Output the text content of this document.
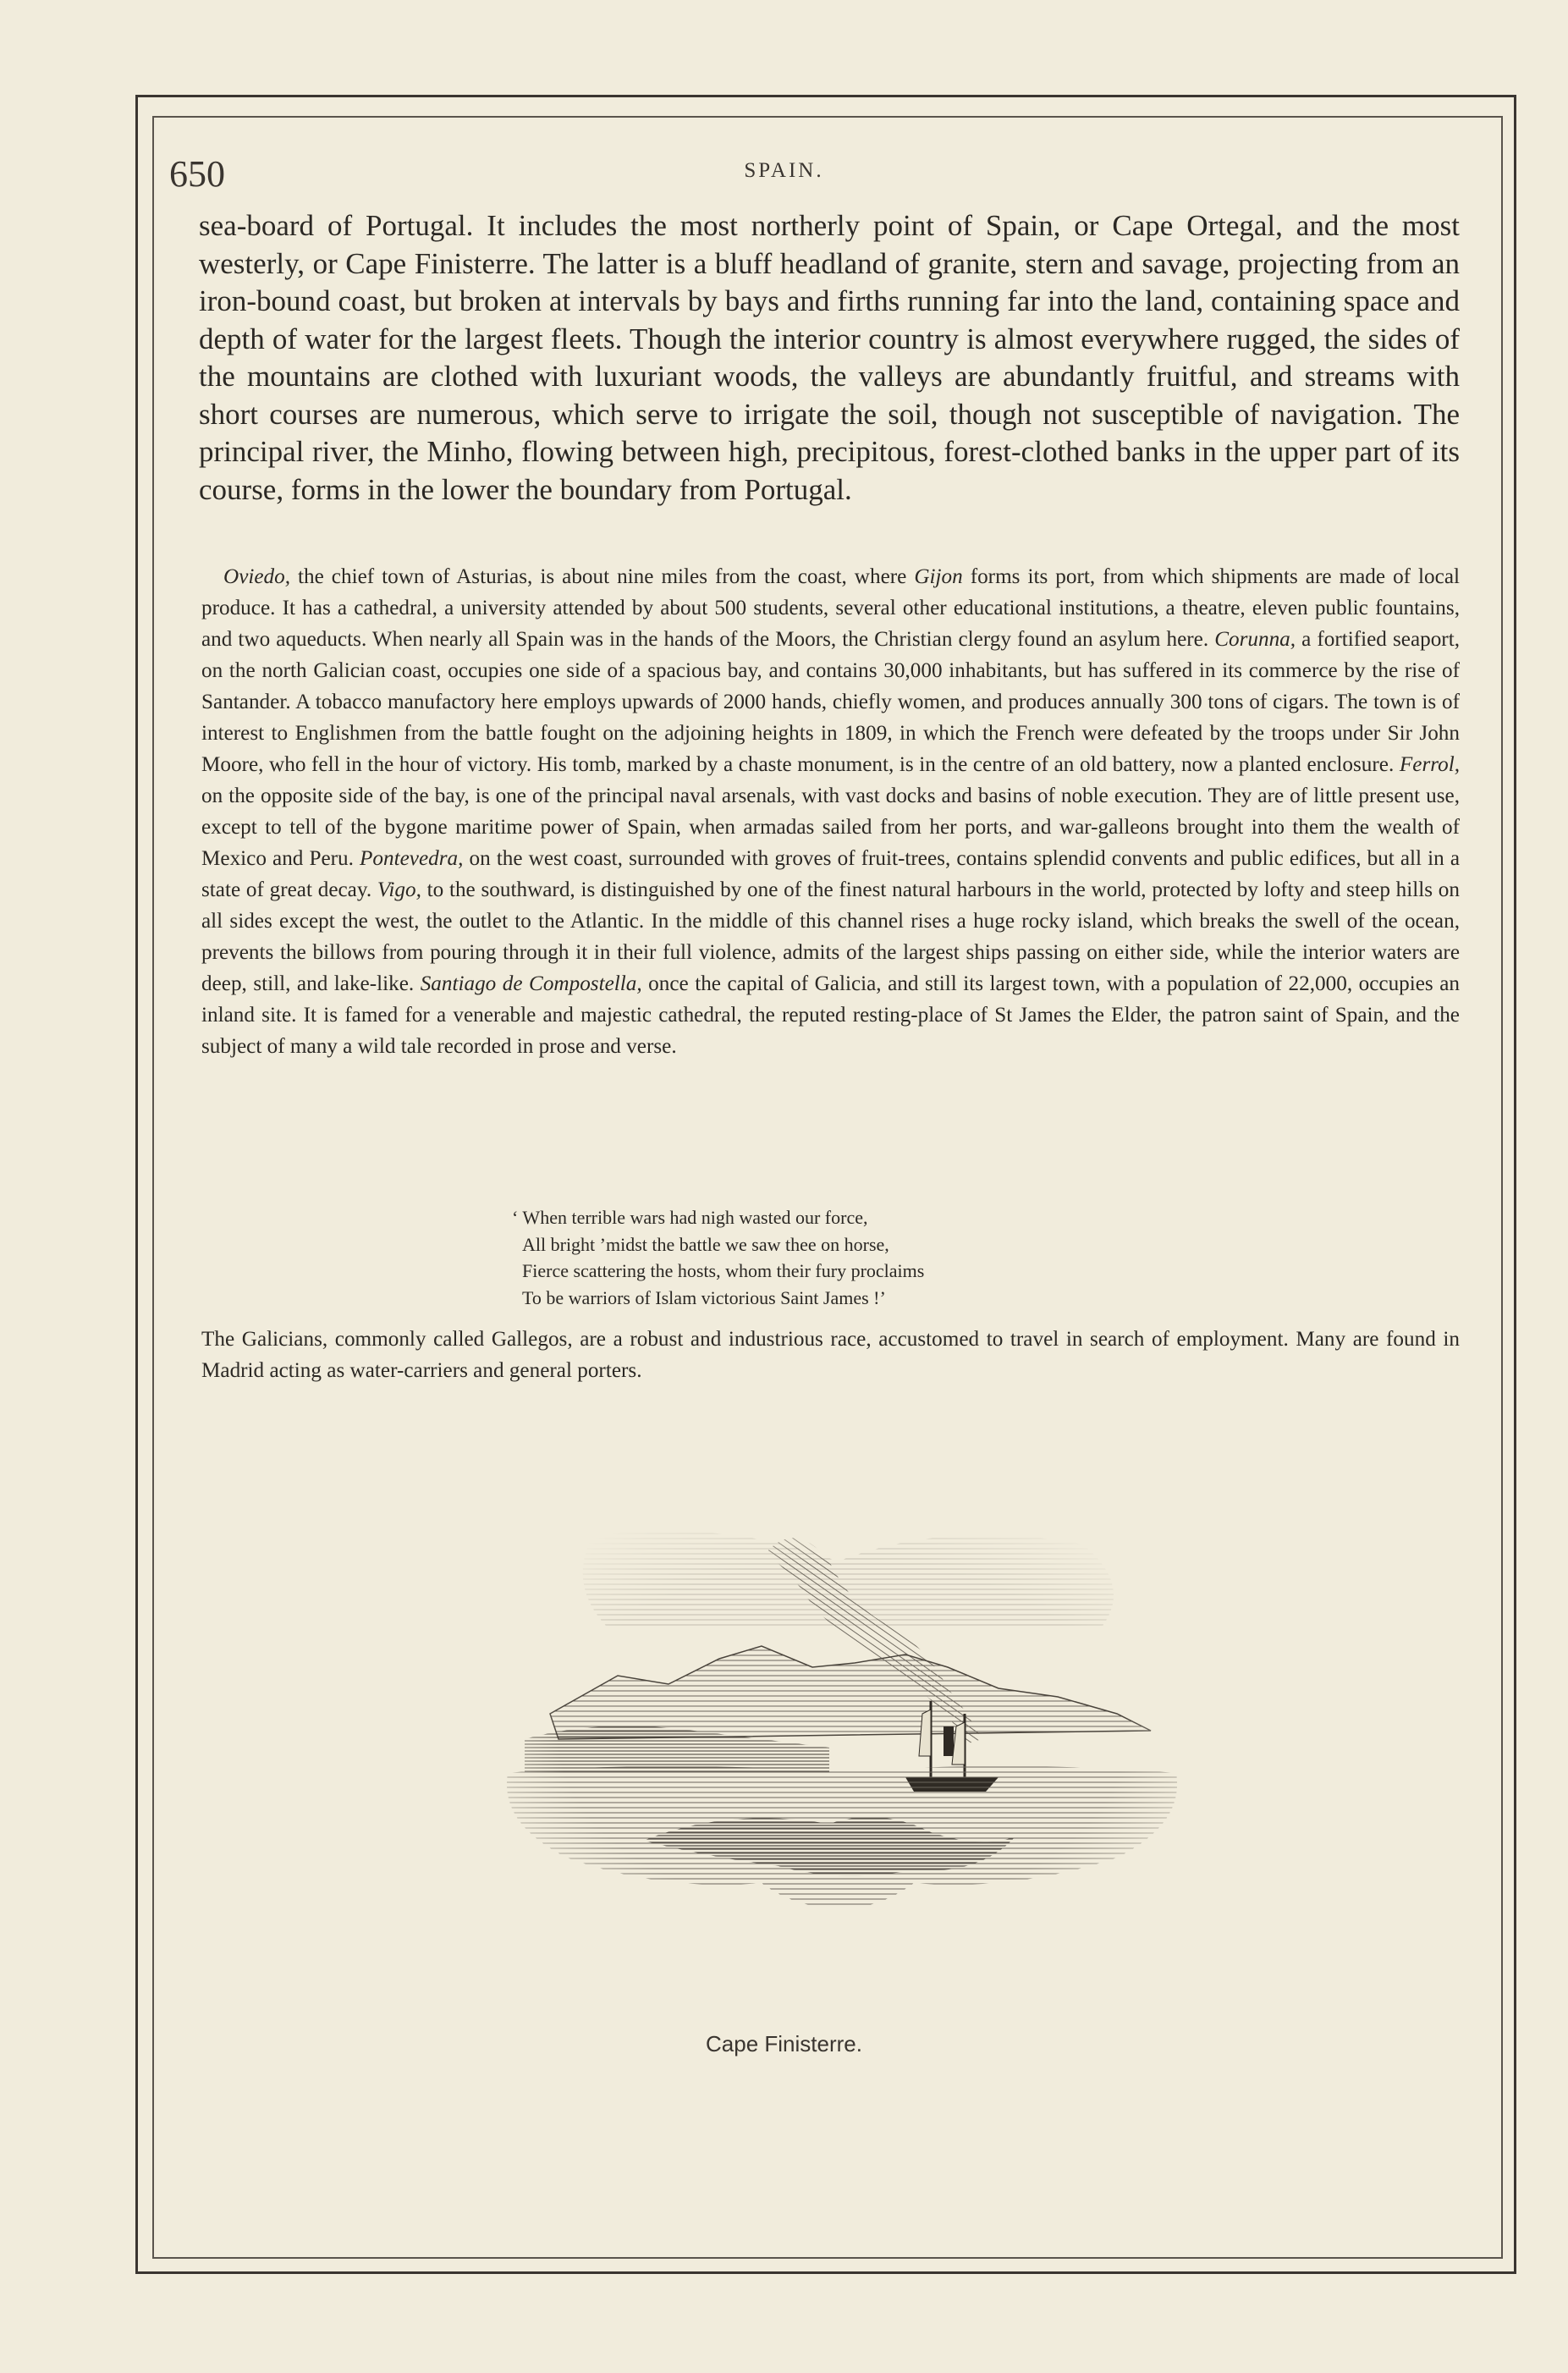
650	SPAIN.

sea-board of Portugal. It includes the most northerly point of Spain, or Cape Ortegal, and the most westerly, or Cape Finisterre. The latter is a bluff headland of granite, stern and savage, projecting from an iron-bound coast, but broken at intervals by bays and firths running far into the land, containing space and depth of water for the largest fleets. Though the interior country is almost everywhere rugged, the sides of the mountains are clothed with luxuriant woods, the valleys are abundantly fruitful, and streams with short courses are numerous, which serve to irrigate the soil, though not susceptible of navigation. The principal river, the Minho, flowing between high, precipitous, forest-clothed banks in the upper part of its course, forms in the lower the boundary from Portugal.

Oviedo, the chief town of Asturias, is about nine miles from the coast, where Gijon forms its port, from which shipments are made of local produce. It has a cathedral, a university attended by about 500 students, several other educational institutions, a theatre, eleven public fountains, and two aqueducts. When nearly all Spain was in the hands of the Moors, the Christian clergy found an asylum here. Corunna, a fortified seaport, on the north Galician coast, occupies one side of a spacious bay, and contains 30,000 inhabitants, but has suffered in its commerce by the rise of Santander. A tobacco manufactory here employs upwards of 2000 hands, chiefly women, and produces annually 300 tons of cigars. The town is of interest to Englishmen from the battle fought on the adjoining heights in 1809, in which the French were defeated by the troops under Sir John Moore, who fell in the hour of victory. His tomb, marked by a chaste monument, is in the centre of an old battery, now a planted enclosure. Ferrol, on the opposite side of the bay, is one of the principal naval arsenals, with vast docks and basins of noble execution. They are of little present use, except to tell of the bygone maritime power of Spain, when armadas sailed from her ports, and war-galleons brought into them the wealth of Mexico and Peru. Pontevedra, on the west coast, surrounded with groves of fruit-trees, contains splendid convents and public edifices, but all in a state of great decay. Vigo, to the southward, is distinguished by one of the finest natural harbours in the world, protected by lofty and steep hills on all sides except the west, the outlet to the Atlantic. In the middle of this channel rises a huge rocky island, which breaks the swell of the ocean, prevents the billows from pouring through it in their full violence, admits of the largest ships passing on either side, while the interior waters are deep, still, and lake-like. Santiago de Compostella, once the capital of Galicia, and still its largest town, with a population of 22,000, occupies an inland site. It is famed for a venerable and majestic cathedral, the reputed resting-place of St James the Elder, the patron saint of Spain, and the subject of many a wild tale recorded in prose and verse.

‘ When terrible wars had nigh wasted our force,
All bright ’midst the battle we saw thee on horse,
Fierce scattering the hosts, whom their fury proclaims
To be warriors of Islam victorious Saint James !’

The Galicians, commonly called Gallegos, are a robust and industrious race, accustomed to travel in search of employment. Many are found in Madrid acting as water-carriers and general porters.

Cape Finisterre.
